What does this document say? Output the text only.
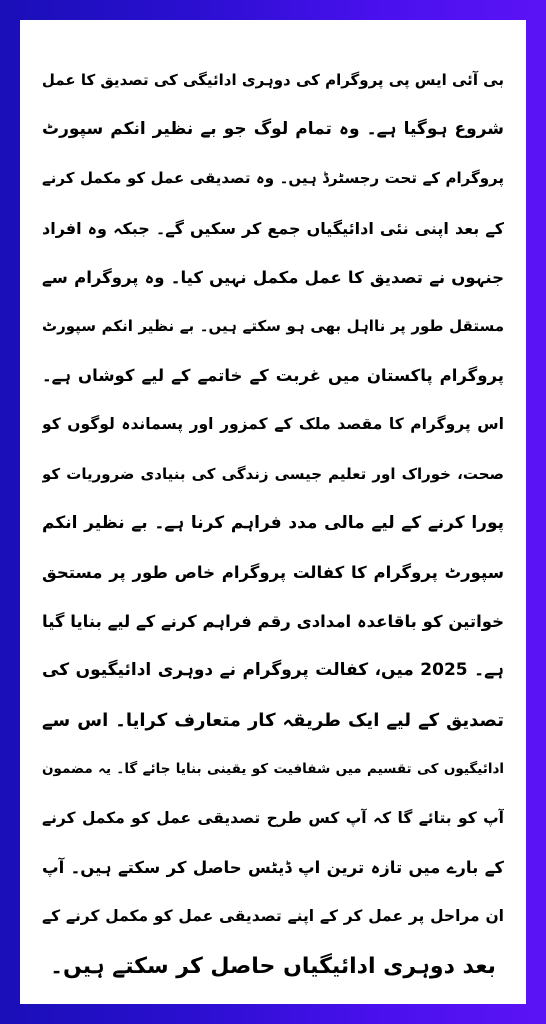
بی آئی ایس پی پروگرام کی دوہری ادائیگی کی تصدیق کا عمل
شروع ہوگیا ہے۔ وہ تمام لوگ جو بے نظیر انکم سپورٹ
پروگرام کے تحت رجسٹرڈ ہیں۔ وہ تصدیقی عمل کو مکمل کرنے
کے بعد اپنی نئی ادائیگیاں جمع کر سکیں گے۔ جبکہ وہ افراد
جنہوں نے تصدیق کا عمل مکمل نہیں کیا۔ وہ پروگرام سے
مستقل طور پر نااہل بھی ہو سکتے ہیں۔ بے نظیر انکم سپورٹ
پروگرام پاکستان میں غربت کے خاتمے کے لیے کوشاں ہے۔
اس پروگرام کا مقصد ملک کے کمزور اور پسماندہ لوگوں کو
صحت، خوراک اور تعلیم جیسی زندگی کی بنیادی ضروریات کو
پورا کرنے کے لیے مالی مدد فراہم کرنا ہے۔ بے نظیر انکم
سپورٹ پروگرام کا کفالت پروگرام خاص طور پر مستحق
خواتین کو باقاعدہ امدادی رقم فراہم کرنے کے لیے بنایا گیا
ہے۔ 2025 میں، کفالت پروگرام نے دوہری ادائیگیوں کی
تصدیق کے لیے ایک طریقہ کار متعارف کرایا۔ اس سے
ادائیگیوں کی تقسیم میں شفافیت کو یقینی بنایا جائے گا۔ یہ مضمون
آپ کو بتائے گا کہ آپ کس طرح تصدیقی عمل کو مکمل کرنے
کے بارے میں تازہ ترین اپ ڈیٹس حاصل کر سکتے ہیں۔ آپ
ان مراحل پر عمل کر کے اپنے تصدیقی عمل کو مکمل کرنے کے
بعد دوہری ادائیگیاں حاصل کر سکتے ہیں۔
